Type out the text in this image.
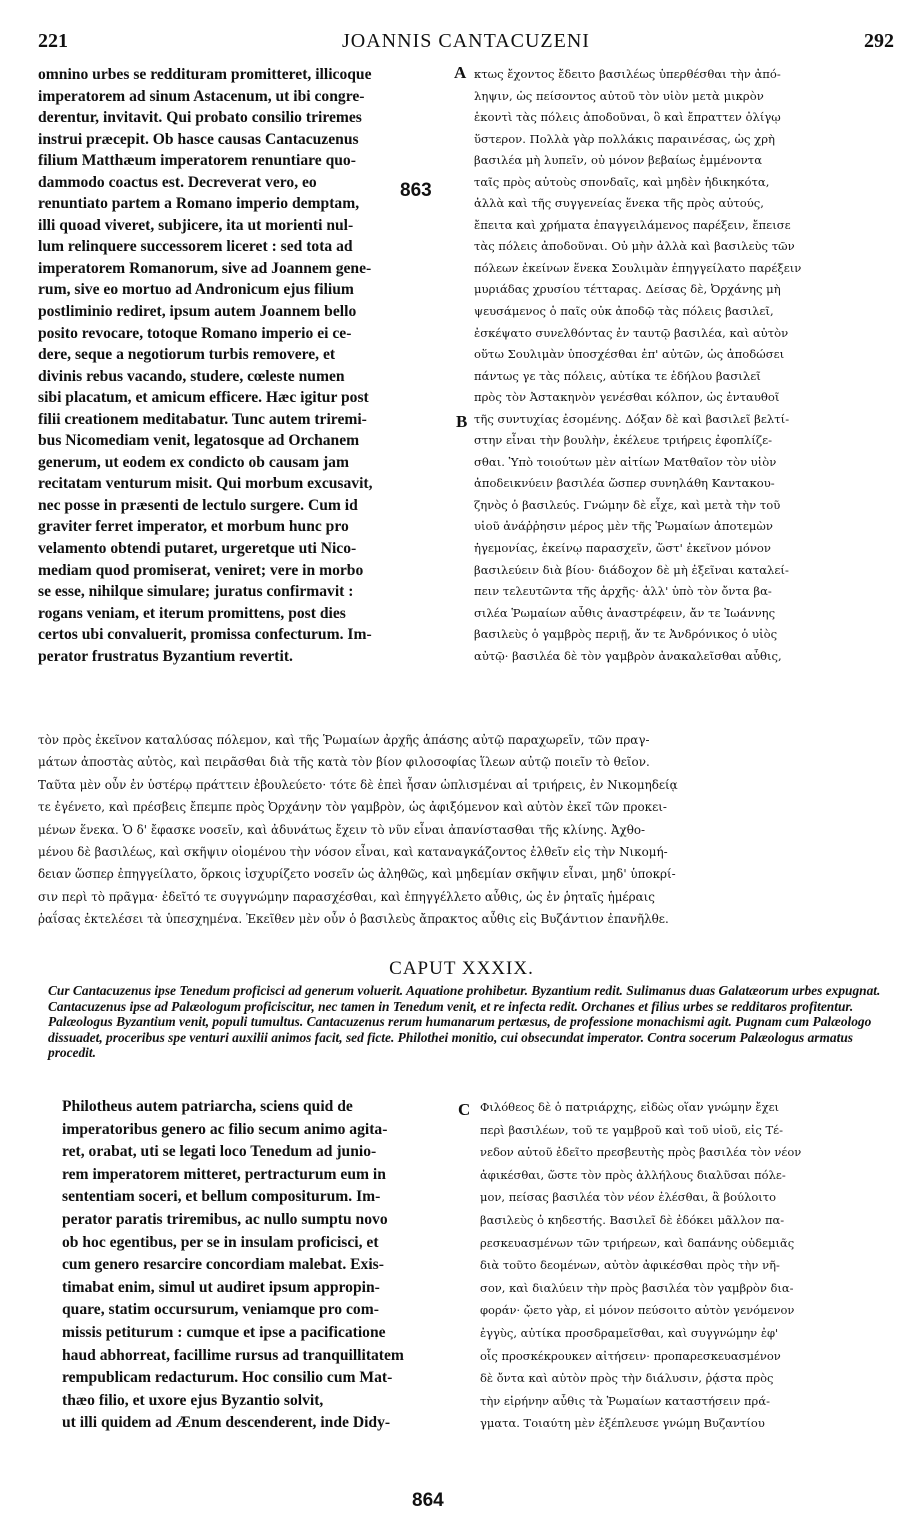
221	JOANNIS CANTACUZENI	292
omnino urbes se reddituram promitteret, illicoque
imperatorem ad sinum Astacenum, ut ibi congre-
derentur, invitavit. Qui probato consilio triremes
instrui præcepit. Ob hasce causas Cantacuzenus
filium Matthæum imperatorem renuntiare quo-
dammodo coactus est. Decreverat vero, eo
renuntiato partem a Romano imperio demptam,
illi quoad viveret, subjicere, ita ut morienti nul-
lum relinquere successorem liceret : sed tota ad
imperatorem Romanorum, sive ad Joannem gene-
rum, sive eo mortuo ad Andronicum ejus filium
postliminio rediret, ipsum autem Joannem bello
posito revocare, totoque Romano imperio ei ce-
dere, seque a negotiorum turbis removere, et
divinis rebus vacando, studere, cœleste numen
sibi placatum, et amicum efficere. Hæc igitur post
filii creationem meditabatur. Tunc autem triremi-
bus Nicomediam venit, legatosque ad Orchanem
generum, ut eodem ex condicto ob causam jam
recitatam venturum misit. Qui morbum excusavit,
nec posse in præsenti de lectulo surgere. Cum id
graviter ferret imperator, et morbum hunc pro
velamento obtendi putaret, urgeretque uti Nico-
mediam quod promiserat, veniret; vere in morbo
se esse, nihilque simulare; juratus confirmavit :
rogans veniam, et iterum promittens, post dies
certos ubi convaluerit, promissa confecturum. Im-
perator frustratus Byzantium revertit.
κτως ἔχοντος ἔδειτο βασιλέως ὑπερθέσθαι τὴν ἀπό-
ληψιν, ὡς πείσοντος αὐτοῦ τὸν υἱὸν μετὰ μικρὸν
ἑκοντὶ τὰς πόλεις ἀποδοῦναι, ὃ καὶ ἔπραττεν ὀλίγῳ
ὕστερον. Πολλὰ γὰρ πολλάκις παραινέσας, ὡς χρὴ
βασιλέα μὴ λυπεῖν, οὐ μόνον βεβαίως ἐμμένοντα
ταῖς πρὸς αὐτοὺς σπονδαῖς, καὶ μηδὲν ἠδικηκότα,
ἀλλὰ καὶ τῆς συγγενείας ἕνεκα τῆς πρὸς αὐτούς,
ἔπειτα καὶ χρήματα ἐπαγγειλάμενος παρέξειν, ἔπεισε
τὰς πόλεις ἀποδοῦναι. Οὐ μὴν ἀλλὰ καὶ βασιλεὺς τῶν
πόλεων ἐκείνων ἕνεκα Σουλιμὰν ἐπηγγείλατο παρέξειν
μυριάδας χρυσίου τέτταρας. Δείσας δὲ, Ὀρχάνης μὴ
ψευσάμενος ὁ παῖς οὐκ ἀποδῷ τὰς πόλεις βασιλεῖ,
ἐσκέψατο συνελθόντας ἐν ταυτῷ βασιλέα, καὶ αὐτὸν
οὕτω Σουλιμὰν ὑποσχέσθαι ἐπ' αὐτῶν, ὡς ἀποδώσει
πάντως γε τὰς πόλεις, αὐτίκα τε ἐδήλου βασιλεῖ
πρὸς τὸν Ἀστακηνὸν γενέσθαι κόλπον, ὡς ἐνταυθοῖ
τῆς συντυχίας ἐσομένης. Δόξαν δὲ καὶ βασιλεῖ βελτί-
στην εἶναι τὴν βουλὴν, ἐκέλευε τριήρεις ἐφοπλίζε-
σθαι. Ὑπὸ τοιούτων μὲν αἰτίων Ματθαῖον τὸν υἱὸν
ἀποδεικνύειν βασιλέα ὥσπερ συνηλάθη Καντακου-
ζηνὸς ὁ βασιλεύς. Γνώμην δὲ εἶχε, καὶ μετὰ τὴν τοῦ
υἱοῦ ἀνάῤῥησιν μέρος μὲν τῆς Ῥωμαίων ἀποτεμὼν
ἡγεμονίας, ἐκείνῳ παρασχεῖν, ὥστ' ἐκεῖνον μόνον
βασιλεύειν διὰ βίου· διάδοχον δὲ μὴ ἐξεῖναι καταλεί-
πειν τελευτῶντα τῆς ἀρχῆς· ἀλλ' ὑπὸ τὸν ὄντα βα-
σιλέα Ῥωμαίων αὖθις ἀναστρέφειν, ἄν τε Ἰωάννης
βασιλεὺς ὁ γαμβρὸς περιῇ, ἄν τε Ἀνδρόνικος ὁ υἱὸς
αὐτῷ· βασιλέα δὲ τὸν γαμβρὸν ἀνακαλεῖσθαι αὖθις,
A
B
C
863
864
τὸν πρὸς ἐκεῖνον καταλύσας πόλεμον, καὶ τῆς Ῥωμαίων ἀρχῆς ἁπάσης αὐτῷ παραχωρεῖν, τῶν πραγ-
μάτων ἀποστὰς αὐτὸς, καὶ πειρᾶσθαι διὰ τῆς κατὰ τὸν βίον φιλοσοφίας ἵλεων αὐτῷ ποιεῖν τὸ θεῖον.
Ταῦτα μὲν οὖν ἐν ὑστέρῳ πράττειν ἐβουλεύετο· τότε δὲ ἐπεὶ ἦσαν ὡπλισμέναι αἱ τριήρεις, ἐν Νικομηδείᾳ
τε ἐγένετο, καὶ πρέσβεις ἔπεμπε πρὸς Ὀρχάνην τὸν γαμβρὸν, ὡς ἀφιξόμενον καὶ αὐτὸν ἐκεῖ τῶν προκει-
μένων ἕνεκα. Ὁ δ' ἔφασκε νοσεῖν, καὶ ἀδυνάτως ἔχειν τὸ νῦν εἶναι ἀπανίστασθαι τῆς κλίνης. Ἀχθο-
μένου δὲ βασιλέως, καὶ σκῆψιν οἰομένου τὴν νόσον εἶναι, καὶ καταναγκάζοντος ἐλθεῖν εἰς τὴν Νικομή-
δειαν ὥσπερ ἐπηγγείλατο, ὅρκοις ἰσχυρίζετο νοσεῖν ὡς ἀληθῶς, καὶ μηδεμίαν σκῆψιν εἶναι, μηδ' ὑποκρί-
σιν περὶ τὸ πρᾶγμα· ἐδεῖτό τε συγγνώμην παρασχέσθαι, καὶ ἐπηγγέλλετο αὖθις, ὡς ἐν ῥηταῖς ἡμέραις
ῥαΐσας ἐκτελέσει τὰ ὑπεσχημένα. Ἐκεῖθεν μὲν οὖν ὁ βασιλεὺς ἄπρακτος αὖθις εἰς Βυζάντιον ἐπανῆλθε.
CAPUT XXXIX.
Cur Cantacuzenus ipse Tenedum proficisci ad generum voluerit. Aquatione prohibetur. Byzantium redit. Sulimanus duas Galatæorum urbes expugnat. Cantacuzenus ipse ad Palæologum proficiscitur, nec tamen in Tenedum venit, et re infecta redit. Orchanes et filius urbes se redditaros profitentur. Palæologus Byzantium venit, populi tumultus. Cantacuzenus rerum humanarum pertæsus, de professione monachismi agit. Pugnam cum Palæologo dissuadet, proceribus spe venturi auxilii animos facit, sed ficte. Philothei monitio, cui obsecundat imperator. Contra socerum Palæologus armatus procedit.
Philotheus autem patriarcha, sciens quid de
imperatoribus genero ac filio secum animo agita-
ret, orabat, uti se legati loco Tenedum ad junio-
rem imperatorem mitteret, pertracturum eum in
sententiam soceri, et bellum compositurum. Im-
perator paratis triremibus, ac nullo sumptu novo
ob hoc egentibus, per se in insulam proficisci, et
cum genero resarcire concordiam malebat. Exis-
timabat enim, simul ut audiret ipsum appropin-
quare, statim occursurum, veniamque pro com-
missis petiturum : cumque et ipse a pacificatione
haud abhorreat, facillime rursus ad tranquillitatem
rempublicam redacturum. Hoc consilio cum Mat-
thæo filio, et uxore ejus Byzantio solvit,
ut illi quidem ad Ænum descenderent, inde Didy-
Φιλόθεος δὲ ὁ πατριάρχης, εἰδὼς οἵαν γνώμην ἔχει
περὶ βασιλέων, τοῦ τε γαμβροῦ καὶ τοῦ υἱοῦ, εἰς Τέ-
νεδον αὐτοῦ ἐδεῖτο πρεσβευτὴς πρὸς βασιλέα τὸν νέον
ἀφικέσθαι, ὥστε τὸν πρὸς ἀλλήλους διαλῦσαι πόλε-
μον, πείσας βασιλέα τὸν νέον ἐλέσθαι, ἃ βούλοιτο
βασιλεὺς ὁ κηδεστής. Βασιλεῖ δὲ ἐδόκει μᾶλλον πα-
ρεσκευασμένων τῶν τριήρεων, καὶ δαπάνης οὐδεμιᾶς
διὰ τοῦτο δεομένων, αὐτὸν ἀφικέσθαι πρὸς τὴν νῆ-
σον, καὶ διαλύειν τὴν πρὸς βασιλέα τὸν γαμβρὸν δια-
φοράν· ᾤετο γὰρ, εἰ μόνον πεύσοιτο αὐτὸν γενόμενον
ἐγγὺς, αὐτίκα προσδραμεῖσθαι, καὶ συγγνώμην ἐφ'
οἷς προσκέκρουκεν αἰτήσειν· προπαρεσκευασμένον
δὲ ὄντα καὶ αὐτὸν πρὸς τὴν διάλυσιν, ῥᾴστα πρὸς
τὴν εἰρήνην αὖθις τὰ Ῥωμαίων καταστήσειν πρά-
γματα. Τοιαύτη μὲν ἐξέπλευσε γνώμη Βυζαντίου
